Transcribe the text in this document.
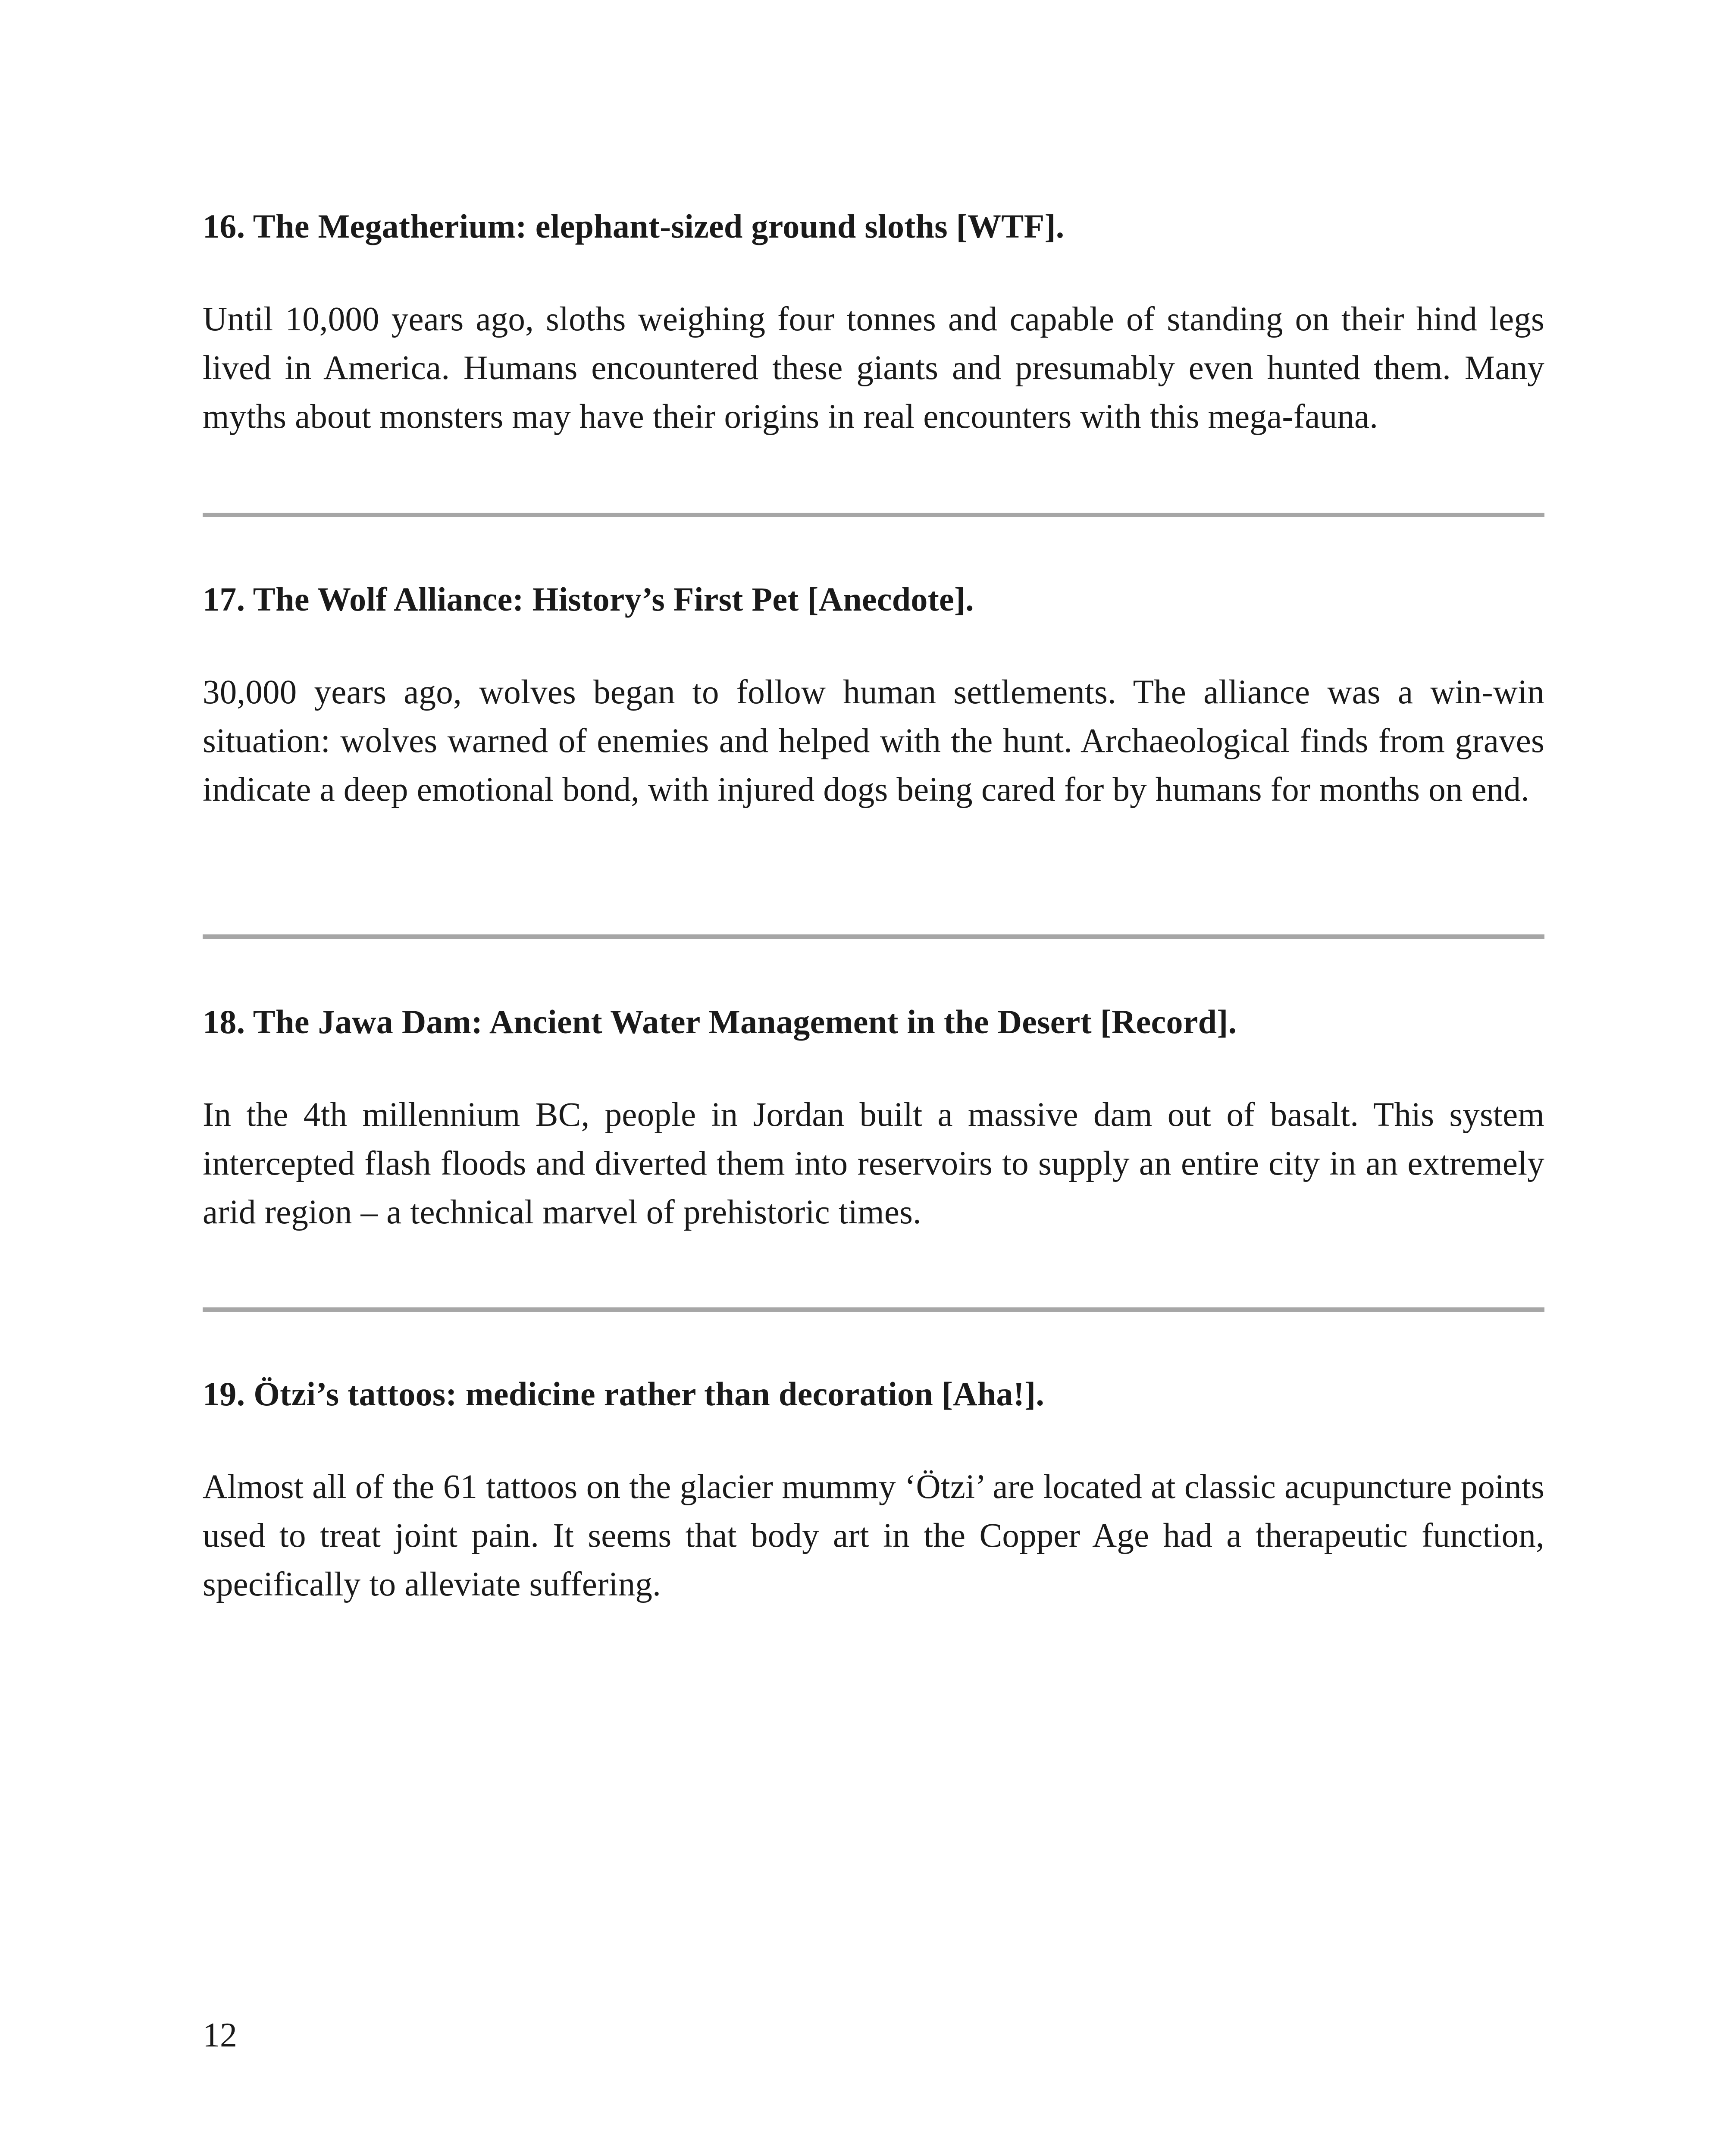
16. The Megatherium: elephant-sized ground sloths [WTF].

Until 10,000 years ago, sloths weighing four tonnes and capable of standing on their hind legs lived in America. Humans encountered these giants and presumably even hunted them. Many myths about monsters may have their origins in real encounters with this mega-fauna.

17. The Wolf Alliance: History’s First Pet [Anecdote].

30,000 years ago, wolves began to follow human settlements. The alliance was a win-win situation: wolves warned of enemies and helped with the hunt. Archaeological finds from graves indicate a deep emotional bond, with injured dogs being cared for by humans for months on end.

18. The Jawa Dam: Ancient Water Management in the Desert [Record].

In the 4th millennium BC, people in Jordan built a massive dam out of basalt. This system intercepted flash floods and diverted them into reservoirs to supply an entire city in an extremely arid region – a technical marvel of prehistoric times.

19. Ötzi’s tattoos: medicine rather than decoration [Aha!].

Almost all of the 61 tattoos on the glacier mummy ‘Ötzi’ are located at classic acupuncture points used to treat joint pain. It seems that body art in the Copper Age had a therapeutic function, specifically to alleviate suffering.

12
